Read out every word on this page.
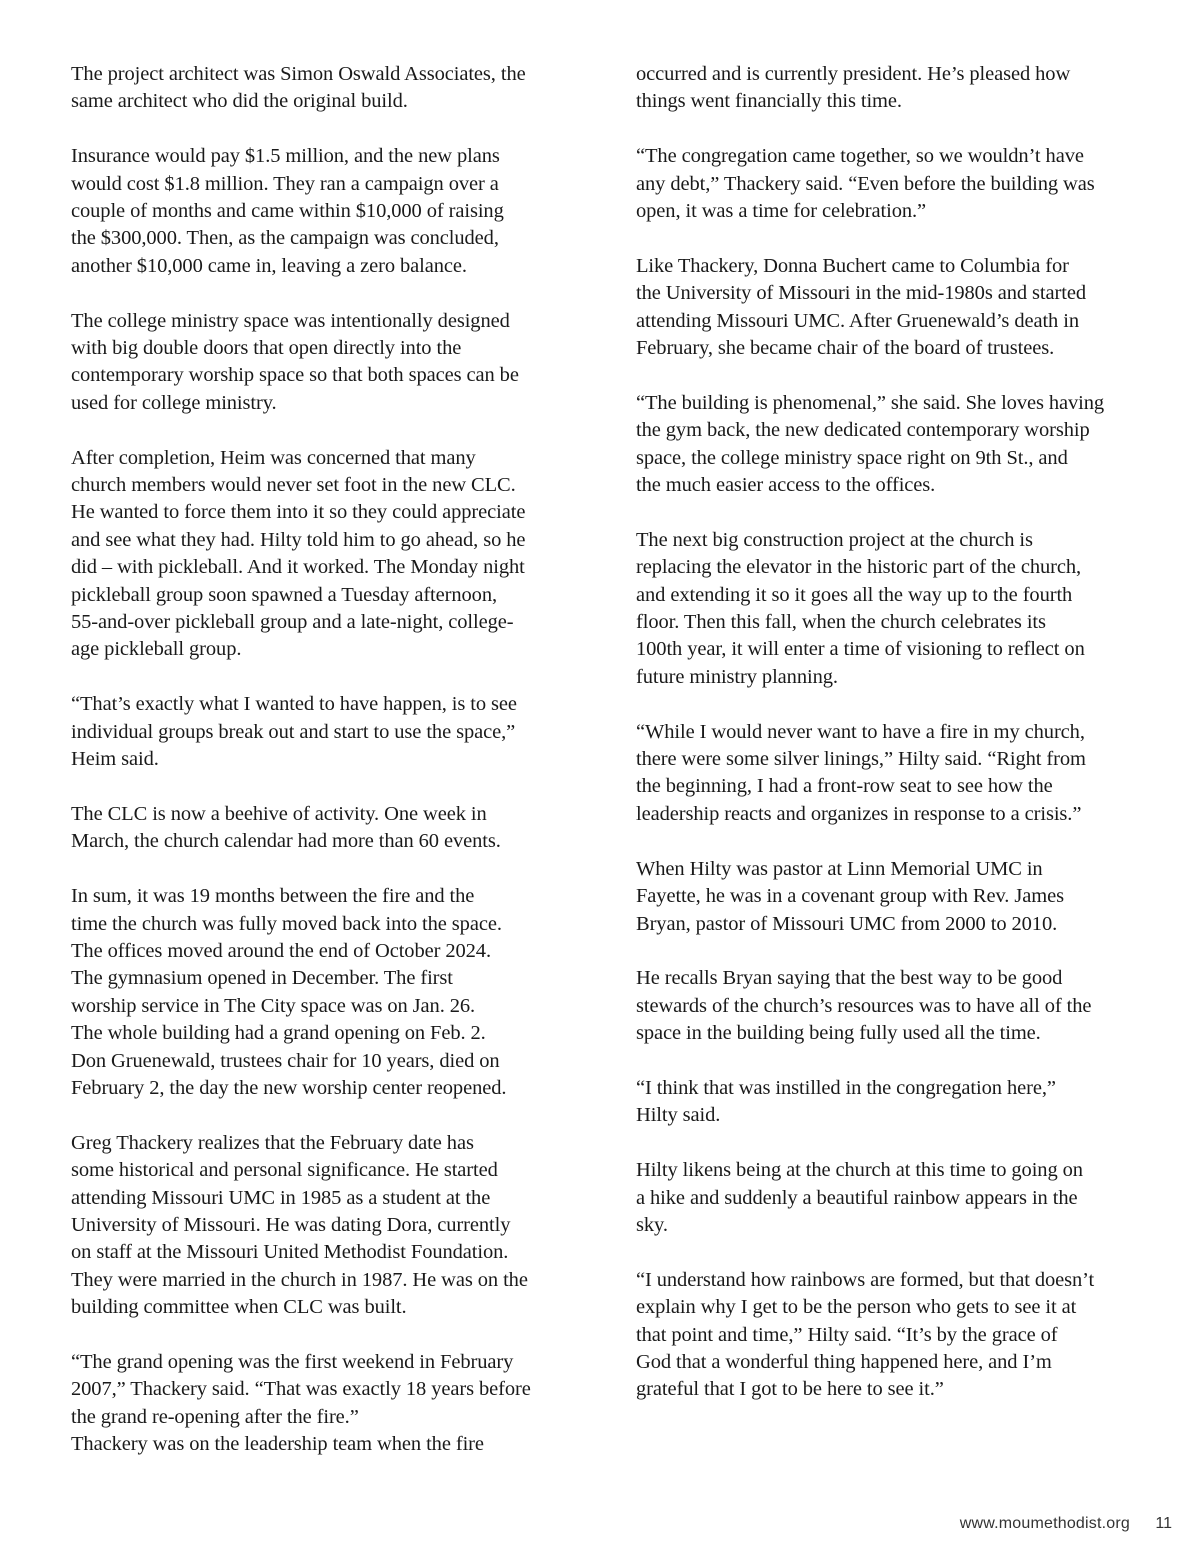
The project architect was Simon Oswald Associates, the
same architect who did the original build.

Insurance would pay $1.5 million, and the new plans
would cost $1.8 million. They ran a campaign over a
couple of months and came within $10,000 of raising
the $300,000. Then, as the campaign was concluded,
another $10,000 came in, leaving a zero balance.

The college ministry space was intentionally designed
with big double doors that open directly into the
contemporary worship space so that both spaces can be
used for college ministry.

After completion, Heim was concerned that many
church members would never set foot in the new CLC.
He wanted to force them into it so they could appreciate
and see what they had. Hilty told him to go ahead, so he
did – with pickleball. And it worked. The Monday night
pickleball group soon spawned a Tuesday afternoon,
55-and-over pickleball group and a late-night, college-
age pickleball group.

“That’s exactly what I wanted to have happen, is to see
individual groups break out and start to use the space,”
Heim said.

The CLC is now a beehive of activity. One week in
March, the church calendar had more than 60 events.

In sum, it was 19 months between the fire and the
time the church was fully moved back into the space.
The offices moved around the end of October 2024.
The gymnasium opened in December. The first
worship service in The City space was on Jan. 26.
The whole building had a grand opening on Feb. 2.
Don Gruenewald, trustees chair for 10 years, died on
February 2, the day the new worship center reopened.

Greg Thackery realizes that the February date has
some historical and personal significance. He started
attending Missouri UMC in 1985 as a student at the
University of Missouri. He was dating Dora, currently
on staff at the Missouri United Methodist Foundation.
They were married in the church in 1987. He was on the
building committee when CLC was built.

“The grand opening was the first weekend in February
2007,” Thackery said. “That was exactly 18 years before
the grand re-opening after the fire.”

Thackery was on the leadership team when the fire

occurred and is currently president. He’s pleased how
things went financially this time.

“The congregation came together, so we wouldn’t have
any debt,” Thackery said. “Even before the building was
open, it was a time for celebration.”

Like Thackery, Donna Buchert came to Columbia for
the University of Missouri in the mid-1980s and started
attending Missouri UMC. After Gruenewald’s death in
February, she became chair of the board of trustees.

“The building is phenomenal,” she said. She loves having
the gym back, the new dedicated contemporary worship
space, the college ministry space right on 9th St., and
the much easier access to the offices.

The next big construction project at the church is
replacing the elevator in the historic part of the church,
and extending it so it goes all the way up to the fourth
floor. Then this fall, when the church celebrates its
100th year, it will enter a time of visioning to reflect on
future ministry planning.

“While I would never want to have a fire in my church,
there were some silver linings,” Hilty said. “Right from
the beginning, I had a front-row seat to see how the
leadership reacts and organizes in response to a crisis.”

When Hilty was pastor at Linn Memorial UMC in
Fayette, he was in a covenant group with Rev. James
Bryan, pastor of Missouri UMC from 2000 to 2010.

He recalls Bryan saying that the best way to be good
stewards of the church’s resources was to have all of the
space in the building being fully used all the time.

“I think that was instilled in the congregation here,”
Hilty said.

Hilty likens being at the church at this time to going on
a hike and suddenly a beautiful rainbow appears in the
sky.

“I understand how rainbows are formed, but that doesn’t
explain why I get to be the person who gets to see it at
that point and time,” Hilty said. “It’s by the grace of
God that a wonderful thing happened here, and I’m
grateful that I got to be here to see it.”

www.moumethodist.org 11
